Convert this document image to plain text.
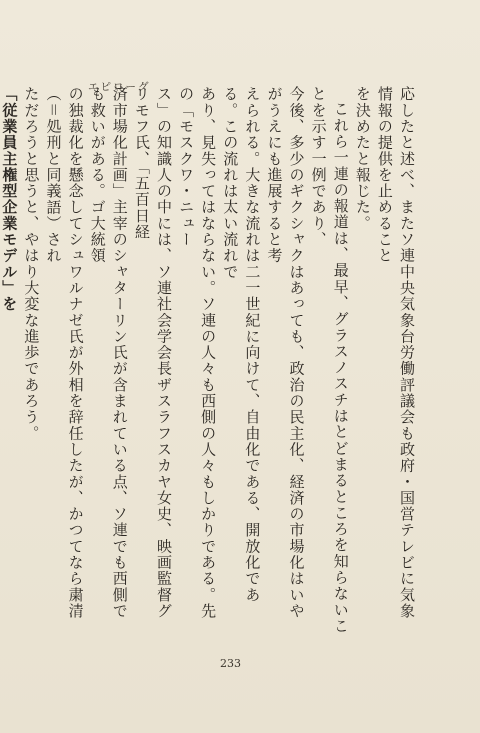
エピローグ	応したと述べ、またソ連中央気象台労働評議会も政府・国営テレビに気象情報の提供を止めること

を決めたと報じた。

これら一連の報道は、最早、グラスノスチはとどまるところを知らないことを示す一例であり、

今後、多少のギクシャクはあっても、政治の民主化、経済の市場化はいやがうえにも進展すると考

えられる。大きな流れは二一世紀に向けて、自由化である、開放化である。この流れは太い流れで

あり、見失ってはならない。ソ連の人々も西側の人々もしかりである。先の「モスクワ・ニュー

ス」の知識人の中には、ソ連社会学会長ザスラフスカヤ女史、映画監督グリモフ氏、「五百日経

済市場化計画」主宰のシャターリン氏が含まれている点、ソ連でも西側でも救いがある。ゴ大統領

の独裁化を懸念してシュワルナゼ氏が外相を辞任したが、かつてなら粛清（＝処刑と同義語）され

ただろうと思うと、やはり大変な進歩であろう。

「従業員主権型企業モデル」を

233
